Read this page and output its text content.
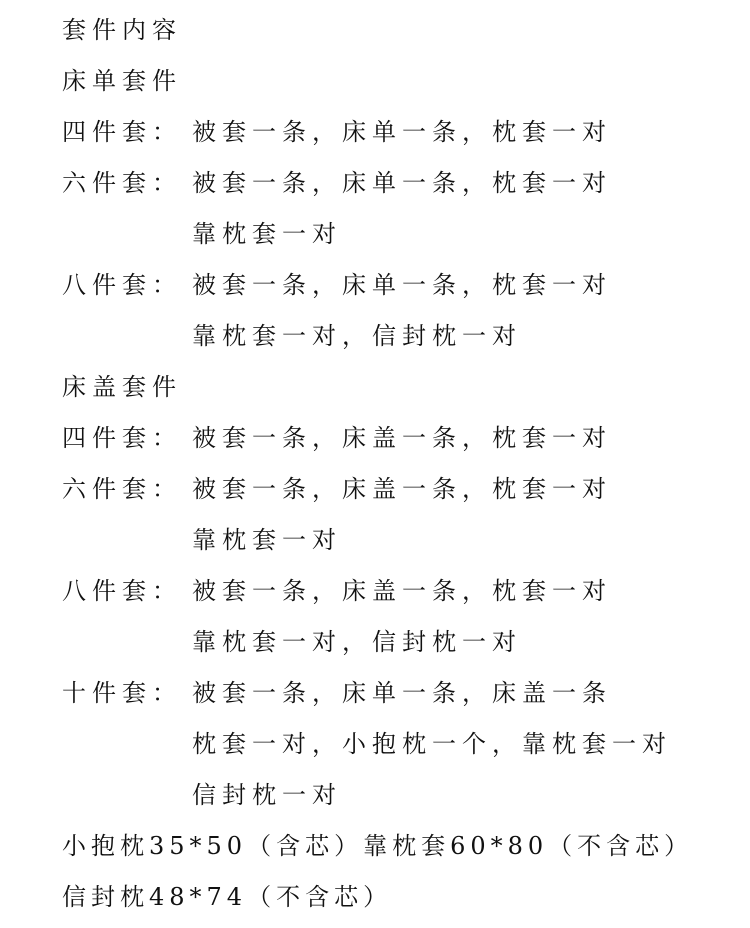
套件内容
床单套件
四件套： 被套一条，床单一条，枕套一对
六件套： 被套一条，床单一条，枕套一对
靠枕套一对
八件套： 被套一条，床单一条，枕套一对
靠枕套一对，信封枕一对
床盖套件
四件套： 被套一条，床盖一条，枕套一对
六件套： 被套一条，床盖一条，枕套一对
靠枕套一对
八件套： 被套一条，床盖一条，枕套一对
靠枕套一对，信封枕一对
十件套： 被套一条，床单一条，床盖一条
枕套一对，小抱枕一个，靠枕套一对
信封枕一对
小抱枕35*50（含芯）靠枕套60*80（不含芯）
信封枕48*74（不含芯）
